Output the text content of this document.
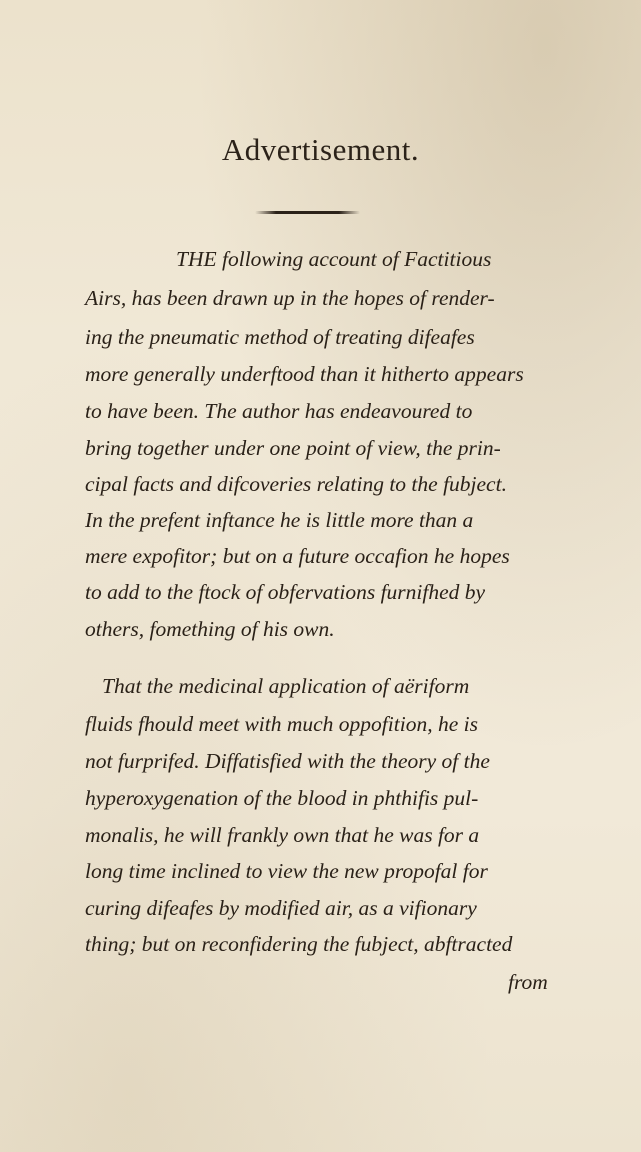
Advertisement.
THE following account of Factitious
Airs, has been drawn up in the hopes of render-
ing the pneumatic method of treating difeafes
more generally underftood than it hitherto appears
to have been. The author has endeavoured to
bring together under one point of view, the prin-
cipal facts and difcoveries relating to the fubject.
In the prefent inftance he is little more than a
mere expofitor; but on a future occafion he hopes
to add to the ftock of obfervations furnifhed by
others, fomething of his own.
That the medicinal application of aëriform
fluids fhould meet with much oppofition, he is
not furprifed. Diffatisfied with the theory of the
hyperoxygenation of the blood in phthifis pul-
monalis, he will frankly own that he was for a
long time inclined to view the new propofal for
curing difeafes by modified air, as a vifionary
thing; but on reconfidering the fubject, abftracted
from
